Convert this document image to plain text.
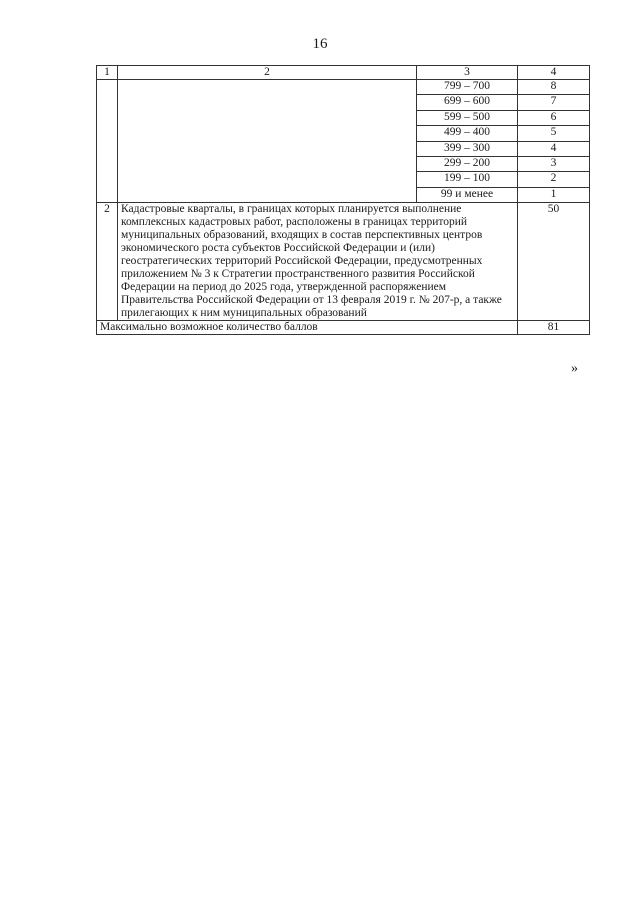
16
1	2	3	4
		799 – 700	8
		699 – 600	7
		599 – 500	6
		499 – 400	5
		399 – 300	4
		299 – 200	3
		199 – 100	2
		99 и менее	1
2	Кадастровые кварталы, в границах которых планируется выполнение комплексных кадастровых работ, расположены в границах территорий муниципальных образований, входящих в состав перспективных центров экономического роста субъектов Российской Федерации и (или) геостратегических территорий Российской Федерации, предусмотренных приложением № 3 к Стратегии пространственного развития Российской Федерации на период до 2025 года, утвержденной распоряжением Правительства Российской Федерации от 13 февраля 2019 г. № 207-р, а также прилегающих к ним муниципальных образований		50
Максимально возможное количество баллов			81
»
